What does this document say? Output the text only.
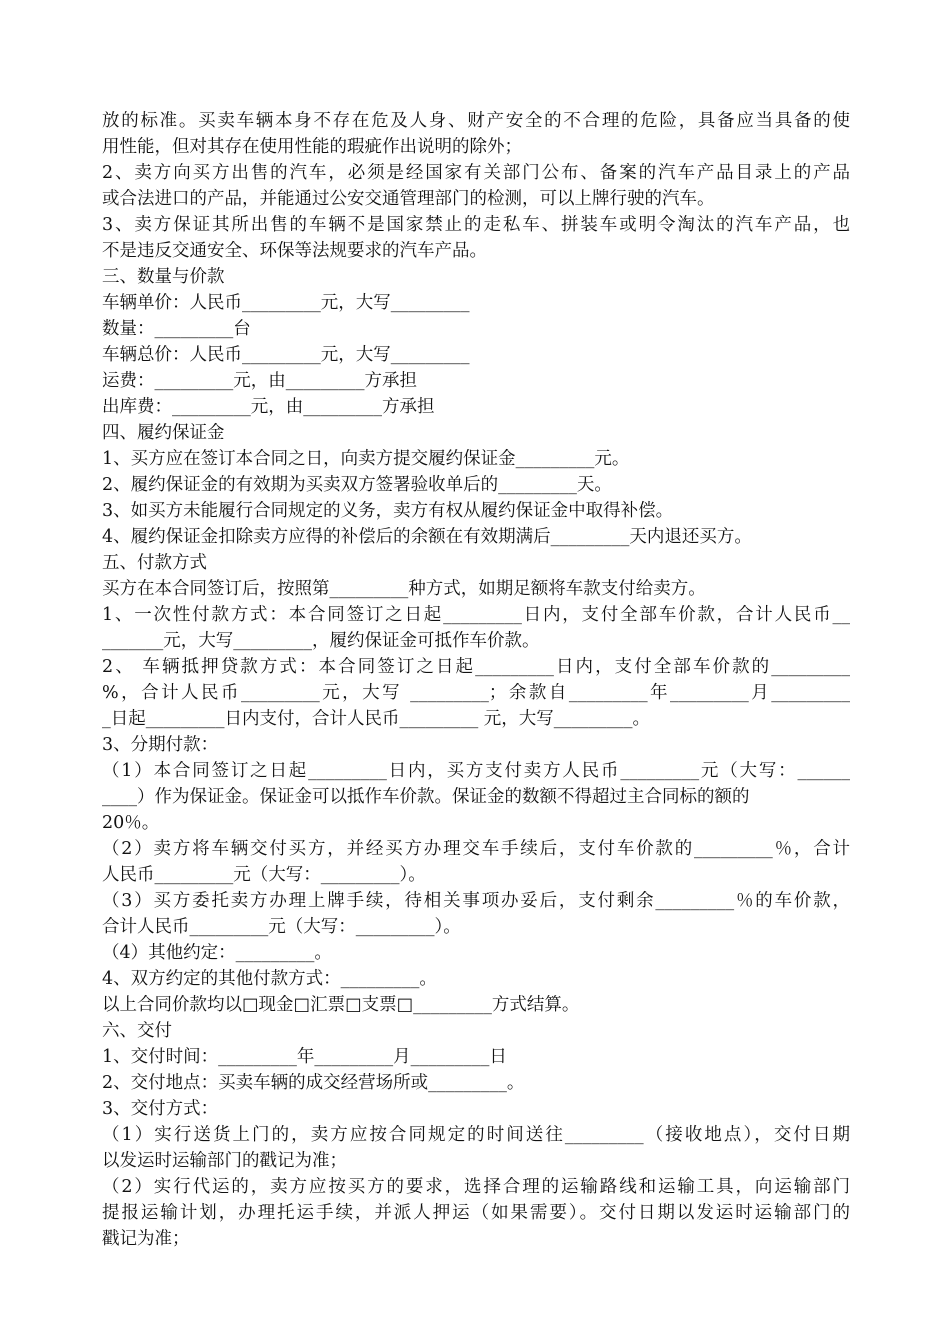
放的标准。买卖车辆本身不存在危及人身、财产安全的不合理的危险，具备应当具备的使
用性能，但对其存在使用性能的瑕疵作出说明的除外；
2、卖方向买方出售的汽车，必须是经国家有关部门公布、备案的汽车产品目录上的产品
或合法进口的产品，并能通过公安交通管理部门的检测，可以上牌行驶的汽车。
3、卖方保证其所出售的车辆不是国家禁止的走私车、拼装车或明令淘汰的汽车产品，也
不是违反交通安全、环保等法规要求的汽车产品。
三、数量与价款
车辆单价：人民币_________元，大写_________
数量：_________台
车辆总价：人民币_________元，大写_________
运费：_________元，由_________方承担
出库费：_________元，由_________方承担
四、履约保证金
1、买方应在签订本合同之日，向卖方提交履约保证金_________元。
2、履约保证金的有效期为买卖双方签署验收单后的_________天。
3、如买方未能履行合同规定的义务，卖方有权从履约保证金中取得补偿。
4、履约保证金扣除卖方应得的补偿后的余额在有效期满后_________天内退还买方。
五、付款方式
买方在本合同签订后，按照第_________种方式，如期足额将车款支付给卖方。
1、一次性付款方式：本合同签订之日起_________日内，支付全部车价款，合计人民币__
_______元，大写_________，履约保证金可抵作车价款。
2、 车辆抵押贷款方式：本合同签订之日起_________日内，支付全部车价款的_________
%，合计人民币_________元，大写 _________；余款自_________年_________月_________
_日起_________日内支付，合计人民币_________ 元，大写_________。
3、分期付款：
（1）本合同签订之日起_________日内，买方支付卖方人民币_________元（大写：______
____）作为保证金。保证金可以抵作车价款。保证金的数额不得超过主合同标的额的
20％。
（2）卖方将车辆交付买方，并经买方办理交车手续后，支付车价款的_________％，合计
人民币_________元（大写：_________）。
（3）买方委托卖方办理上牌手续，待相关事项办妥后，支付剩余_________％的车价款，
合计人民币_________元（大写：_________）。
（4）其他约定：_________。
4、双方约定的其他付款方式：_________。
以上合同价款均以□现金□汇票□支票□_________方式结算。
六、交付
1、交付时间：_________年_________月_________日
2、交付地点：买卖车辆的成交经营场所或_________。
3、交付方式：
（1）实行送货上门的，卖方应按合同规定的时间送往_________（接收地点），交付日期
以发运时运输部门的戳记为准；
（2）实行代运的，卖方应按买方的要求，选择合理的运输路线和运输工具，向运输部门
提报运输计划，办理托运手续，并派人押运（如果需要）。交付日期以发运时运输部门的
戳记为准；
